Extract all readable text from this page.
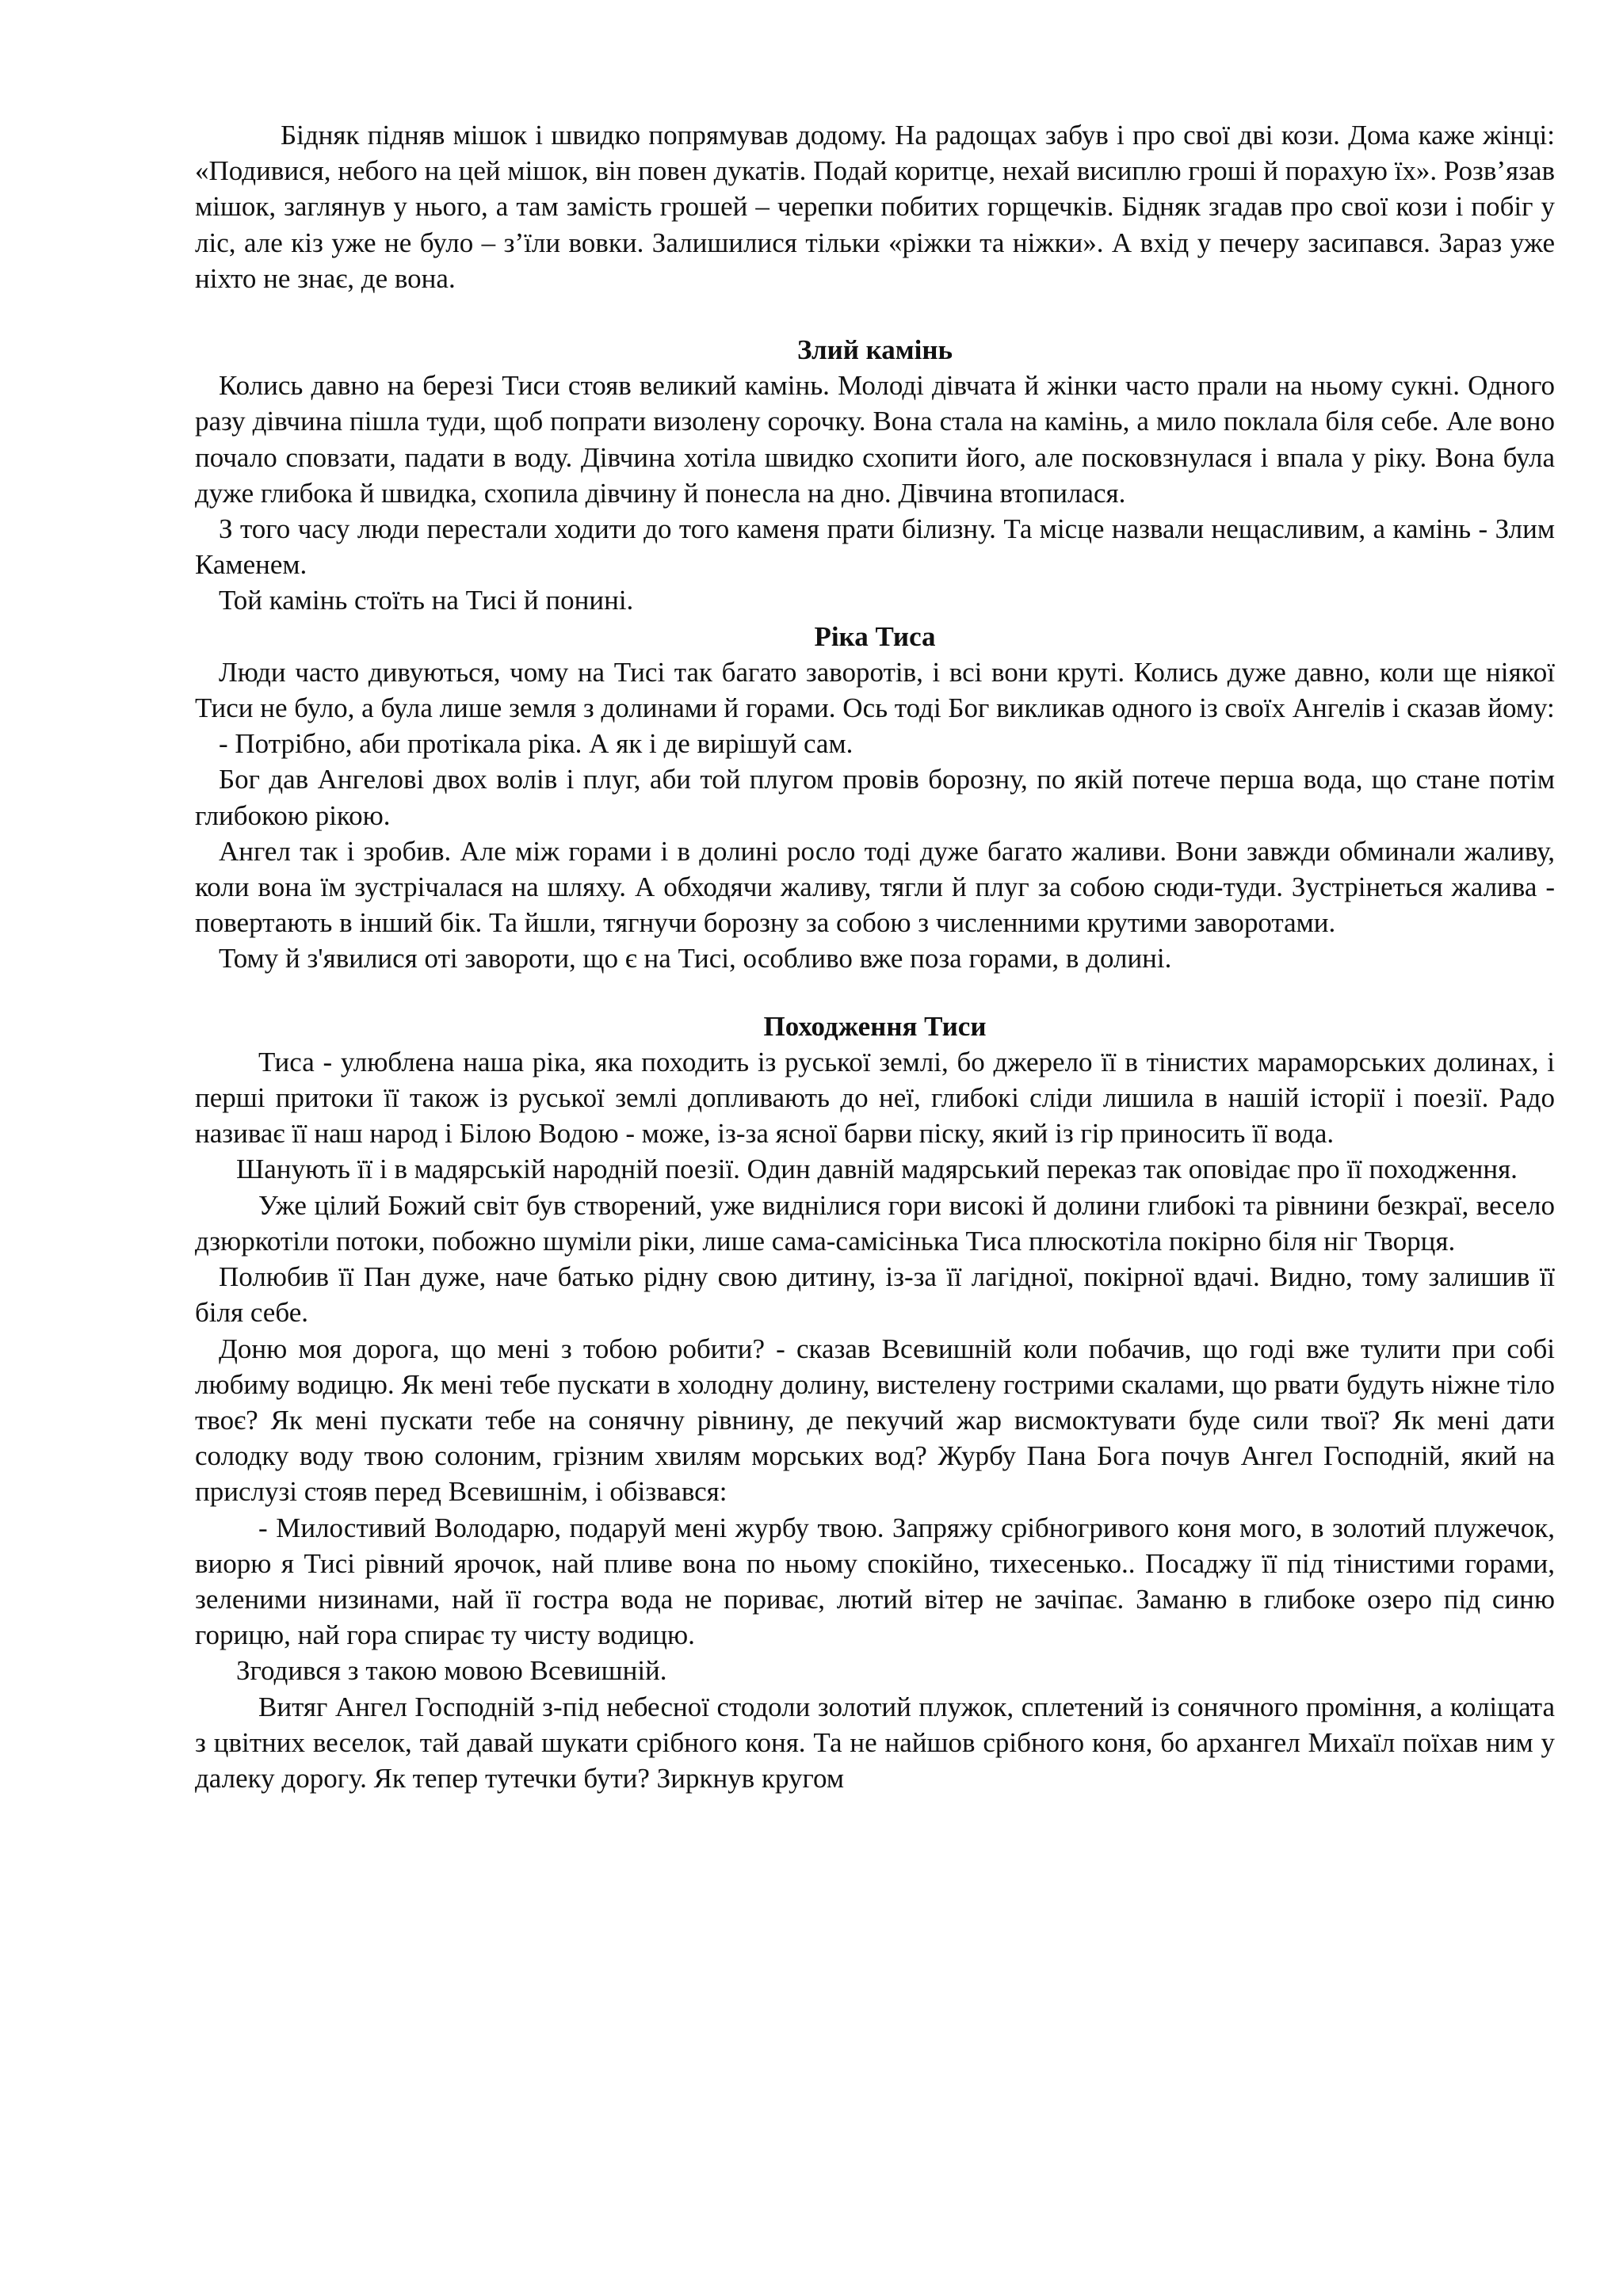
Бідняк підняв мішок і швидко попрямував додому. На радощах забув і про свої дві кози. Дома каже жінці: «Подивися, небого на цей мішок, він повен дукатів. Подай коритце, нехай висиплю гроші й порахую їх». Розв’язав мішок, заглянув у нього, а там замість грошей – черепки побитих горщечків. Бідняк згадав про свої кози і побіг у ліс, але кіз уже не було – з’їли вовки. Залишилися тільки «ріжки та ніжки». А вхід у печеру засипався. Зараз уже ніхто не знає, де вона.

Злий камінь

Колись давно на березі Тиси стояв великий камінь. Молоді дівчата й жінки часто прали на ньому сукні. Одного разу дівчина пішла туди, щоб попрати визолену сорочку. Вона стала на камінь, а мило поклала біля себе. Але воно почало сповзати, падати в воду. Дівчина хотіла швидко схопити його, але посковзнулася і впала у ріку. Вона була дуже глибока й швидка, схопила дівчину й понесла на дно. Дівчина втопилася.

З того часу люди перестали ходити до того каменя прати білизну. Та місце назвали нещасливим, а камінь - Злим Каменем.

Той камінь стоїть на Тисі й понині.

Ріка Тиса

Люди часто дивуються, чому на Тисі так багато заворотів, і всі вони круті. Колись дуже давно, коли ще ніякої Тиси не було, а була лише земля з долинами й горами. Ось тоді Бог викликав одного із своїх Ангелів і сказав йому:

- Потрібно, аби протікала ріка. А як і де вирішуй сам.

Бог дав Ангелові двох волів і плуг, аби той плугом провів борозну, по якій потече перша вода, що стане потім глибокою рікою.

Ангел так і зробив. Але між горами і в долині росло тоді дуже багато жаливи. Вони завжди обминали жаливу, коли вона їм зустрічалася на шляху. А обходячи жаливу, тягли й плуг за собою сюди-туди. Зустрінеться жалива - повертають в інший бік. Та йшли, тягнучи борозну за собою з численними крутими заворотами.

Тому й з'явилися оті завороти, що є на Тисі, особливо вже поза горами, в долині.

Походження Тиси

Тиса - улюблена наша ріка, яка походить із руської землі, бо джерело її в тінистих мараморських долинах, і перші притоки її також із руської землі допливають до неї, глибокі сліди лишила в нашій історії і поезії. Радо називає її наш народ і Білою Водою - може, із-за ясної барви піску, який із гір приносить її вода.

Шанують її і в мадярській народній поезії. Один давній мадярський переказ так оповідає про її походження.

Уже цілий Божий світ був створений, уже виднілися гори високі й долини глибокі та рівнини безкраї, весело дзюркотіли потоки, побожно шуміли ріки, лише сама-самісінька Тиса плюскотіла покірно біля ніг Творця.

Полюбив її Пан дуже, наче батько рідну свою дитину, із-за її лагідної, покірної вдачі. Видно, тому залишив її біля себе.

Доню моя дорога, що мені з тобою робити? - сказав Всевишній коли побачив, що годі вже тулити при собі любиму водицю. Як мені тебе пускати в холодну долину, вистелену гострими скалами, що рвати будуть ніжне тіло твоє? Як мені пускати тебе на сонячну рівнину, де пекучий жар висмоктувати буде сили твої? Як мені дати солодку воду твою солоним, грізним хвилям морських вод? Журбу Пана Бога почув Ангел Господній, який на прислузі стояв перед Всевишнім, і обізвався:

- Милостивий Володарю, подаруй мені журбу твою. Запряжу срібногривого коня мого, в золотий плужечок, виорю я Тисі рівний ярочок, най пливе вона по ньому спокійно, тихесенько.. Посаджу її під тінистими горами, зеленими низинами, най її гостра вода не пориває, лютий вітер не зачіпає. Заманю в глибоке озеро під синю горицю, най гора спирає ту чисту водицю.

Згодився з такою мовою Всевишній.

Витяг Ангел Господній з-під небесної стодоли золотий плужок, сплетений із сонячного проміння, а коліщата з цвітних веселок, тай давай шукати срібного коня. Та не найшов срібного коня, бо архангел Михаїл поїхав ним у далеку дорогу. Як тепер тутечки бути? Зиркнув кругом
